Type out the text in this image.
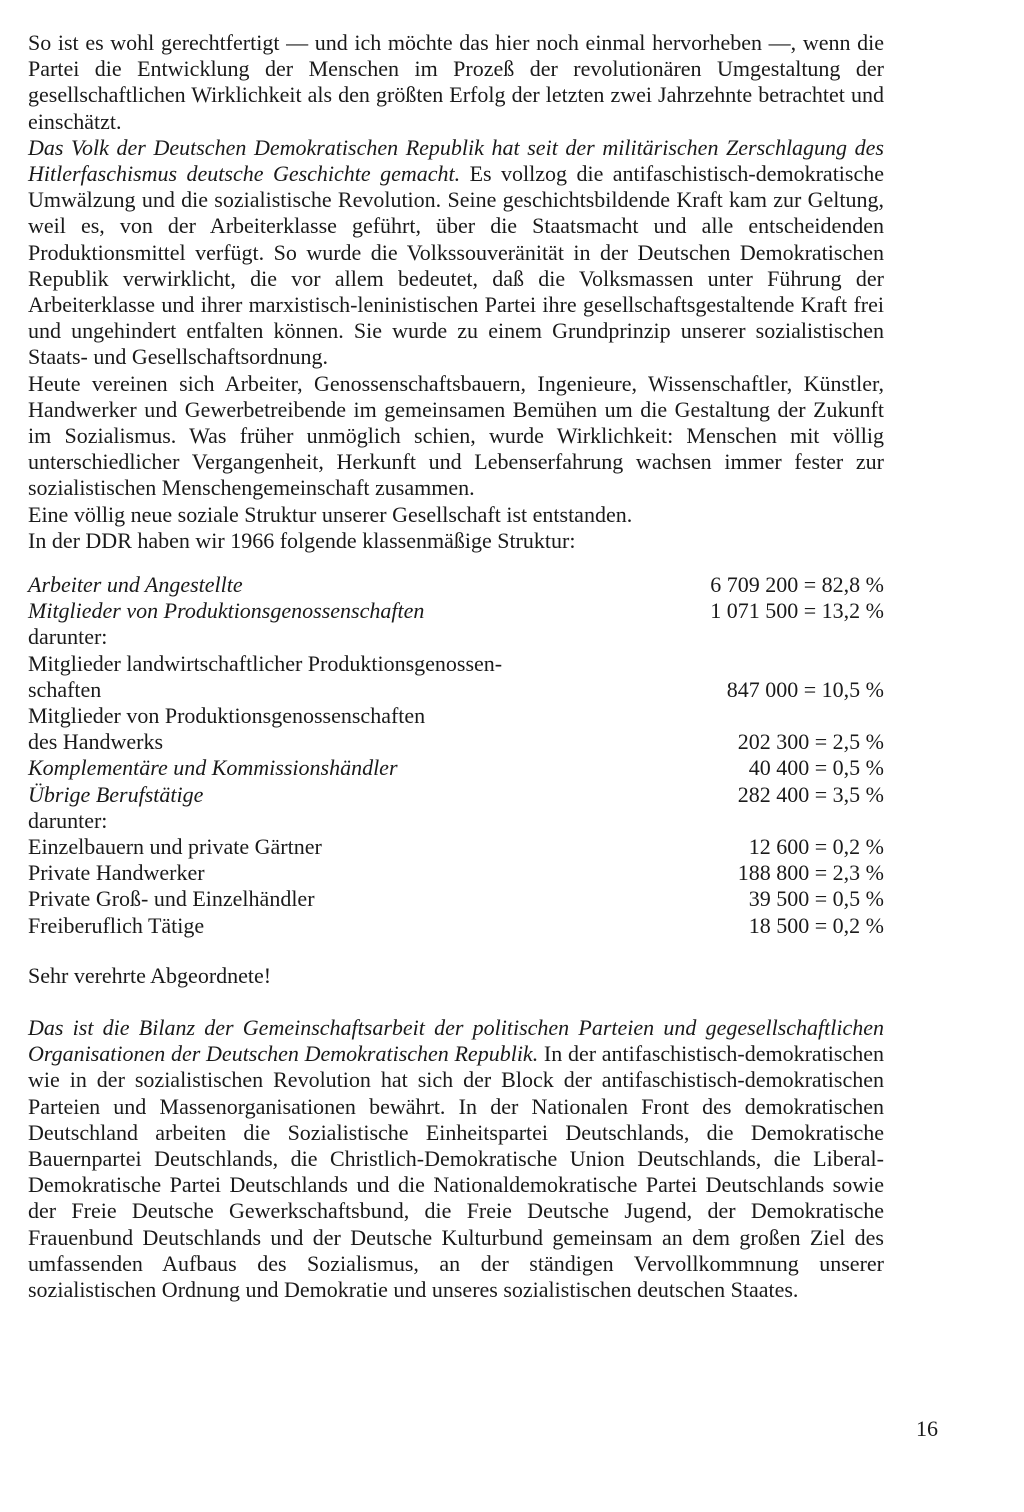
So ist es wohl gerechtfertigt — und ich möchte das hier noch einmal hervorheben —, wenn die Partei die Entwicklung der Menschen im Prozeß der revolutionären Umgestaltung der gesellschaftlichen Wirklichkeit als den größten Erfolg der letzten zwei Jahrzehnte betrachtet und einschätzt.

Das Volk der Deutschen Demokratischen Republik hat seit der militärischen Zerschlagung des Hitlerfaschismus deutsche Geschichte gemacht. Es vollzog die antifaschistisch-demokratische Umwälzung und die sozialistische Revolution. Seine geschichtsbildende Kraft kam zur Geltung, weil es, von der Arbeiterklasse geführt, über die Staatsmacht und alle entscheidenden Produktionsmittel verfügt. So wurde die Volkssouveränität in der Deutschen Demokratischen Republik verwirklicht, die vor allem bedeutet, daß die Volksmassen unter Führung der Arbeiterklasse und ihrer marxistisch-leninistischen Partei ihre gesellschaftsgestaltende Kraft frei und ungehindert entfalten können. Sie wurde zu einem Grundprinzip unserer sozialistischen Staats- und Gesellschaftsordnung.

Heute vereinen sich Arbeiter, Genossenschaftsbauern, Ingenieure, Wissenschaftler, Künstler, Handwerker und Gewerbetreibende im gemeinsamen Bemühen um die Gestaltung der Zukunft im Sozialismus. Was früher unmöglich schien, wurde Wirklichkeit: Menschen mit völlig unterschiedlicher Vergangenheit, Herkunft und Lebenserfahrung wachsen immer fester zur sozialistischen Menschengemeinschaft zusammen.

Eine völlig neue soziale Struktur unserer Gesellschaft ist entstanden.

In der DDR haben wir 1966 folgende klassenmäßige Struktur:

Arbeiter und Angestellte	6 709 200 = 82,8 %
Mitglieder von Produktionsgenossenschaften	1 071 500 = 13,2 %
darunter:
Mitglieder landwirtschaftlicher Produktionsgenossen-
schaften	847 000 = 10,5 %
Mitglieder von Produktionsgenossenschaften
des Handwerks	202 300 = 2,5 %
Komplementäre und Kommissionshändler	40 400 = 0,5 %
Übrige Berufstätige	282 400 = 3,5 %
darunter:
Einzelbauern und private Gärtner	12 600 = 0,2 %
Private Handwerker	188 800 = 2,3 %
Private Groß- und Einzelhändler	39 500 = 0,5 %
Freiberuflich Tätige	18 500 = 0,2 %

Sehr verehrte Abgeordnete!

Das ist die Bilanz der Gemeinschaftsarbeit der politischen Parteien und gegesellschaftlichen Organisationen der Deutschen Demokratischen Republik. In der antifaschistisch-demokratischen wie in der sozialistischen Revolution hat sich der Block der antifaschistisch-demokratischen Parteien und Massenorganisationen bewährt. In der Nationalen Front des demokratischen Deutschland arbeiten die Sozialistische Einheitspartei Deutschlands, die Demokratische Bauernpartei Deutschlands, die Christlich-Demokratische Union Deutschlands, die Liberal-Demokratische Partei Deutschlands und die Nationaldemokratische Partei Deutschlands sowie der Freie Deutsche Gewerkschaftsbund, die Freie Deutsche Jugend, der Demokratische Frauenbund Deutschlands und der Deutsche Kulturbund gemeinsam an dem großen Ziel des umfassenden Aufbaus des Sozialismus, an der ständigen Vervollkommnung unserer sozialistischen Ordnung und Demokratie und unseres sozialistischen deutschen Staates.

16
